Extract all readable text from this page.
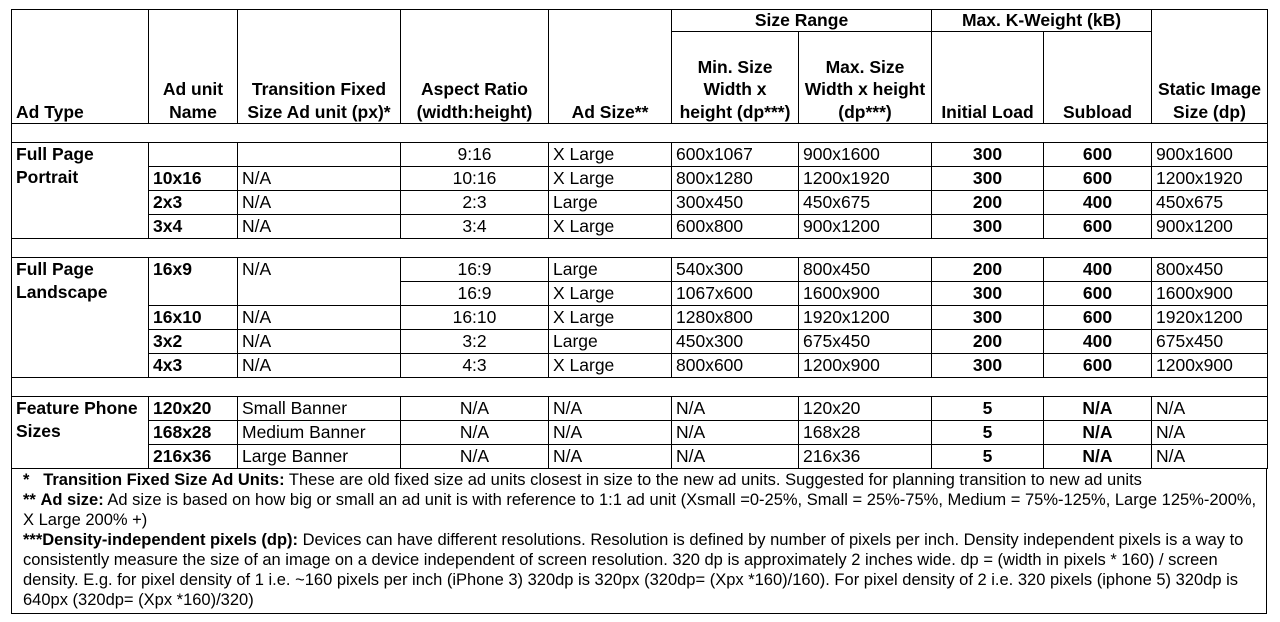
Ad Type	Ad unit Name	Transition Fixed Size Ad unit (px)*	Aspect Ratio (width:height)	Ad Size**	Size Range		Max. K-Weight (kB)		Static Image Size (dp)
					Min. Size Width x height (dp***)	Max. Size Width x height (dp***)	Initial Load	Subload	

Full Page Portrait			9:16	X Large	600x1067	900x1600	300	600	900x1600
	10x16	N/A	10:16	X Large	800x1280	1200x1920	300	600	1200x1920
	2x3	N/A	2:3	Large	300x450	450x675	200	400	450x675
	3x4	N/A	3:4	X Large	600x800	900x1200	300	600	900x1200

Full Page Landscape	16x9	N/A	16:9	Large	540x300	800x450	200	400	800x450
			16:9	X Large	1067x600	1600x900	300	600	1600x900
	16x10	N/A	16:10	X Large	1280x800	1920x1200	300	600	1920x1200
	3x2	N/A	3:2	Large	450x300	675x450	200	400	675x450
	4x3	N/A	4:3	X Large	800x600	1200x900	300	600	1200x900

Feature Phone Sizes	120x20	Small Banner	N/A	N/A	N/A	120x20	5	N/A	N/A
	168x28	Medium Banner	N/A	N/A	N/A	168x28	5	N/A	N/A
	216x36	Large Banner	N/A	N/A	N/A	216x36	5	N/A	N/A
* Transition Fixed Size Ad Units: These are old fixed size ad units closest in size to the new ad units. Suggested for planning transition to new ad units
** Ad size: Ad size is based on how big or small an ad unit is with reference to 1:1 ad unit (Xsmall =0-25%, Small = 25%-75%, Medium = 75%-125%, Large 125%-200%, X Large 200% +)
***Density-independent pixels (dp): Devices can have different resolutions. Resolution is defined by number of pixels per inch. Density independent pixels is a way to consistently measure the size of an image on a device independent of screen resolution. 320 dp is approximately 2 inches wide. dp = (width in pixels * 160) / screen density. E.g. for pixel density of 1 i.e. ~160 pixels per inch (iPhone 3) 320dp is 320px (320dp= (Xpx *160)/160). For pixel density of 2 i.e. 320 pixels (iphone 5) 320dp is 640px (320dp= (Xpx *160)/320)
